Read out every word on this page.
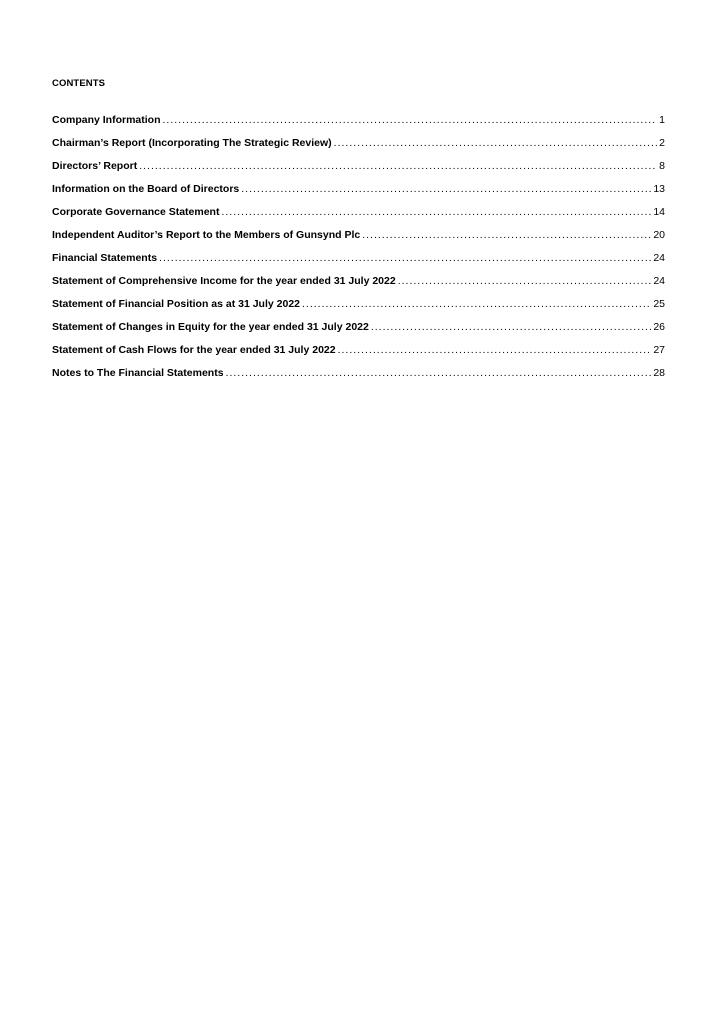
CONTENTS
Company Information .....	1
Chairman’s Report (Incorporating The Strategic Review) .....	2
Directors’ Report .....	8
Information on the Board of Directors .....	13
Corporate Governance Statement .....	14
Independent Auditor’s Report to the Members of Gunsynd Plc .....	20
Financial Statements .....	24
Statement of Comprehensive Income for the year ended 31 July 2022 .....	24
Statement of Financial Position as at 31 July 2022 .....	25
Statement of Changes in Equity for the year ended 31 July 2022 .....	26
Statement of Cash Flows for the year ended 31 July 2022 .....	27
Notes to The Financial Statements .....	28
